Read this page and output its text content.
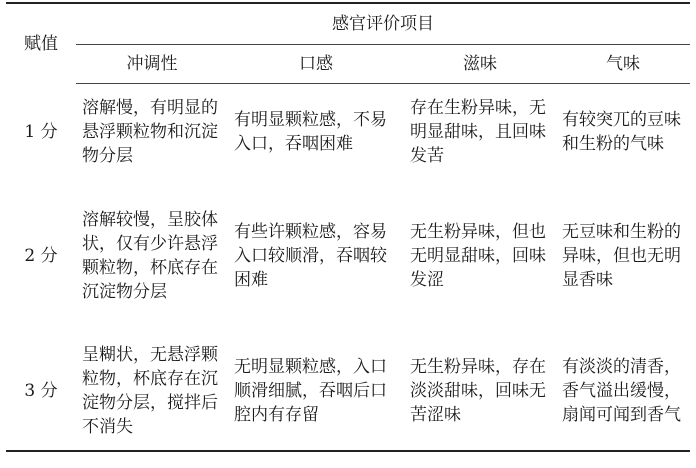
赋值	感官评价项目			
	冲调性	口感	滋味	气味
1 分	溶解慢，有明显的悬浮颗粒物和沉淀物分层	有明显颗粒感，不易入口，吞咽困难	存在生粉异味，无明显甜味，且回味发苦	有较突兀的豆味和生粉的气味
2 分	溶解较慢，呈胶体状，仅有少许悬浮颗粒物，杯底存在沉淀物分层	有些许颗粒感，容易入口较顺滑，吞咽较困难	无生粉异味，但也无明显甜味，回味发涩	无豆味和生粉的异味，但也无明显香味
3 分	呈糊状，无悬浮颗粒物，杯底存在沉淀物分层，搅拌后不消失	无明显颗粒感，入口顺滑细腻，吞咽后口腔内有存留	无生粉异味，存在淡淡甜味，回味无苦涩味	有淡淡的清香，香气溢出缓慢，扇闻可闻到香气
